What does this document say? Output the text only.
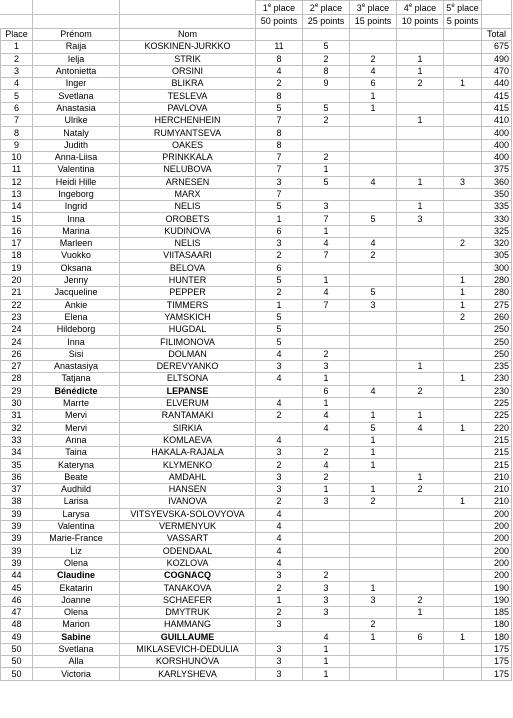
			1e place	2e place	3e place	4e place	5e place	
			50 points	25 points	15 points	10 points	5 points	
Place	Prénom	Nom						Total
1	Raija	KOSKINEN-JURKKO	11	5				675
2	Ielja	STRIK	8	2	2	1		490
3	Antonietta	ORSINI	4	8	4	1		470
4	Inger	BLIKRA	2	9	6	2	1	440
5	Svetlana	TESLEVA	8		1			415
6	Anastasia	PAVLOVA	5	5	1			415
7	Ulrike	HERCHENHEIN	7	2		1		410
8	Nataly	RUMYANTSEVA	8					400
9	Judith	OAKES	8					400
10	Anna-Liisa	PRINKKALA	7	2				400
11	Valentina	NELUBOVA	7	1				375
12	Heidi Hille	ARNESEN	3	5	4	1	3	360
13	Ingeborg	MARX	7					350
14	Ingrid	NELIS	5	3		1		335
15	Inna	OROBETS	1	7	5	3		330
16	Marina	KUDINOVA	6	1				325
17	Marleen	NELIS	3	4	4		2	320
18	Vuokko	VIITASAARI	2	7	2			305
19	Oksana	BELOVA	6					300
20	Jenny	HUNTER	5	1			1	280
21	Jacqueline	PEPPER	2	4	5		1	280
22	Ankie	TIMMERS	1	7	3		1	275
23	Elena	YAMSKICH	5				2	260
24	Hildeborg	HUGDAL	5					250
24	Inna	FILIMONOVA	5					250
26	Sisi	DOLMAN	4	2				250
27	Anastasiya	DEREVYANKO	3	3		1		235
28	Tatjana	ELTSONA	4	1			1	230
29	Bénédicte	LEPANSE		6	4	2		230
30	Marrte	ELVERUM	4	1				225
31	Mervi	RANTAMAKI	2	4	1	1		225
32	Mervi	SIRKIA		4	5	4	1	220
33	Anna	KOMLAEVA	4		1			215
34	Taina	HAKALA-RAJALA	3	2	1			215
35	Kateryna	KLYMENKO	2	4	1			215
36	Beate	AMDAHL	3	2		1		210
37	Audhild	HANSEN	3	1	1	2		210
38	Larisa	IVANOVA	2	3	2		1	210
39	Larysa	VITSYEVSKA-SOLOVYOVA	4					200
39	Valentina	VERMENYUK	4					200
39	Marie-France	VASSART	4					200
39	Liz	ODENDAAL	4					200
39	Olena	KOZLOVA	4					200
44	Claudine	COGNACQ	3	2				200
45	Ekatarin	TANAKOVA	2	3	1			190
46	Joanne	SCHAEFER	1	3	3	2		190
47	Olena	DMYTRUK	2	3		1		185
48	Marion	HAMMANG	3		2			180
49	Sabine	GUILLAUME		4	1	6	1	180
50	Svetlana	MIKLASEVICH-DEDULIA	3	1				175
50	Alla	KORSHUNOVA	3	1				175
50	Victoria	KARLYSHEVA	3	1				175
